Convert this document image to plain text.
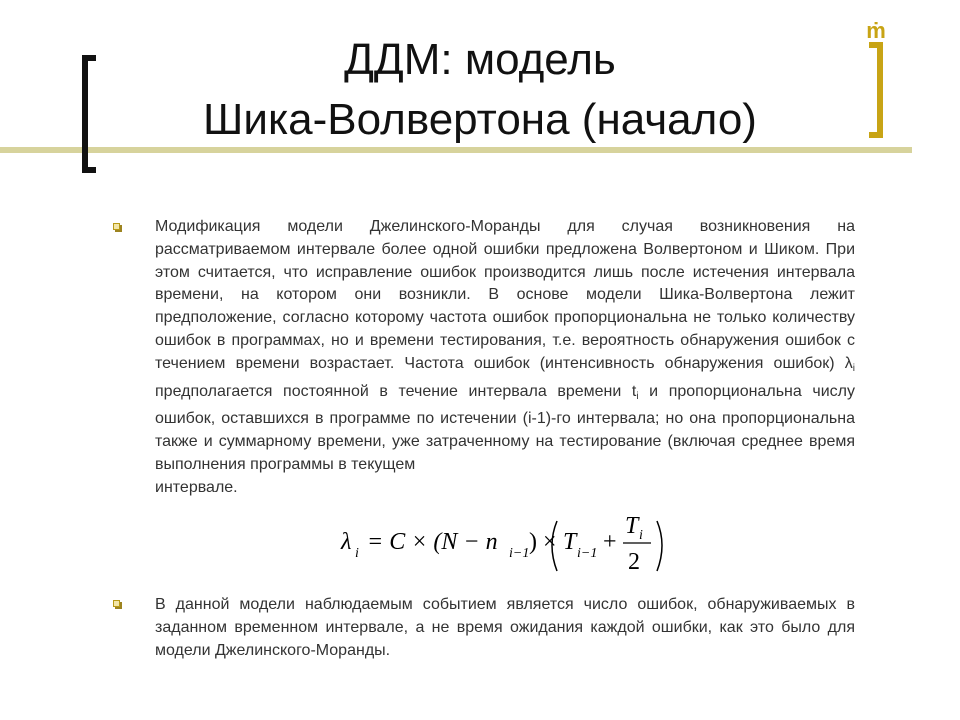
ṁ
ДДМ: модель
Шика-Волвертона (начало)
Модификация модели Джелинского-Моранды для случая возникновения на рассматриваемом интервале более одной ошибки предложена Волвертоном и Шиком. При этом считается, что исправление ошибок производится лишь после истечения интервала времени, на котором они возникли. В основе модели Шика-Волвертона лежит предположение, согласно которому частота ошибок пропорциональна не только количеству ошибок в программах, но и времени тестирования, т.е. вероятность обнаружения ошибок с течением времени возрастает. Частота ошибок (интенсивность обнаружения ошибок) $\lambda_i$ предполагается постоянной в течение интервала времени $t_i$ и пропорциональна числу ошибок, оставшихся в программе по истечении (i-1)-го интервала; но она пропорциональна также и суммарному времени, уже затраченному на тестирование (включая среднее время выполнения программы в текущем
интервале.
λ i = C × (N − n i−1 ) × T i−1 +
T i
2
В данной модели наблюдаемым событием является число ошибок, обнаруживаемых в заданном временном интервале, а не время ожидания каждой ошибки, как это было для модели Джелинского-Моранды.
